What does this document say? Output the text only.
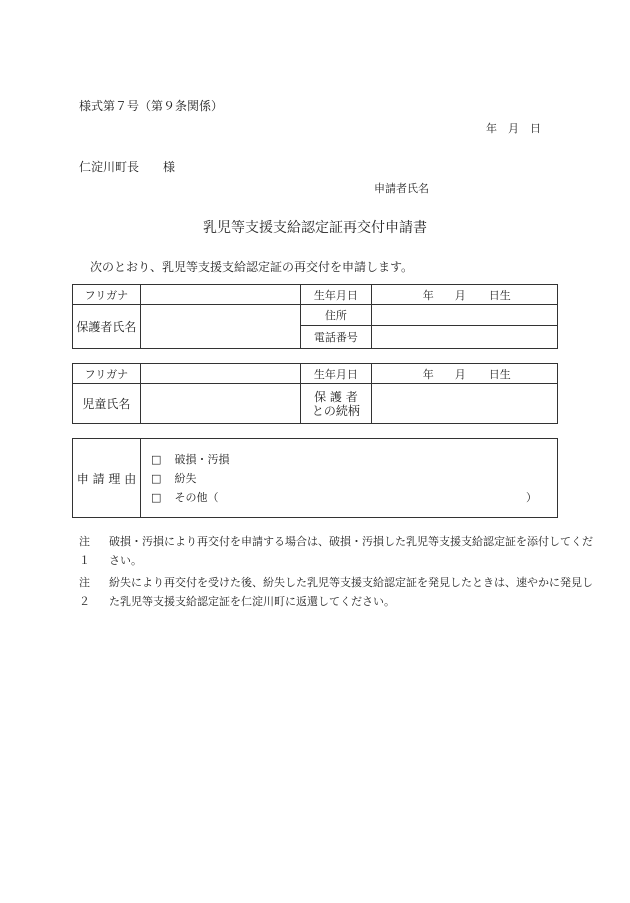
様式第７号（第９条関係）
年　月　日
仁淀川町長　　様
申請者氏名
乳児等支援支給認定証再交付申請書
次のとおり、乳児等支援支給認定証の再交付を申請します。
フリガナ		生年月日	年 月 日生

保護者氏名		住所	
		電話番号	
フリガナ		生年月日	年 月 日生

児童氏名		保 護 者
との続柄	

申 請 理 由	
□ 破損・汚損
□ 紛失
□ その他（	）
注１
破損・汚損により再交付を申請する場合は、破損・汚損した乳児等支援支給認定証を添付してくだ
さい。
注２
紛失により再交付を受けた後、紛失した乳児等支援支給認定証を発見したときは、速やかに発見し
た乳児等支援支給認定証を仁淀川町に返還してください。
